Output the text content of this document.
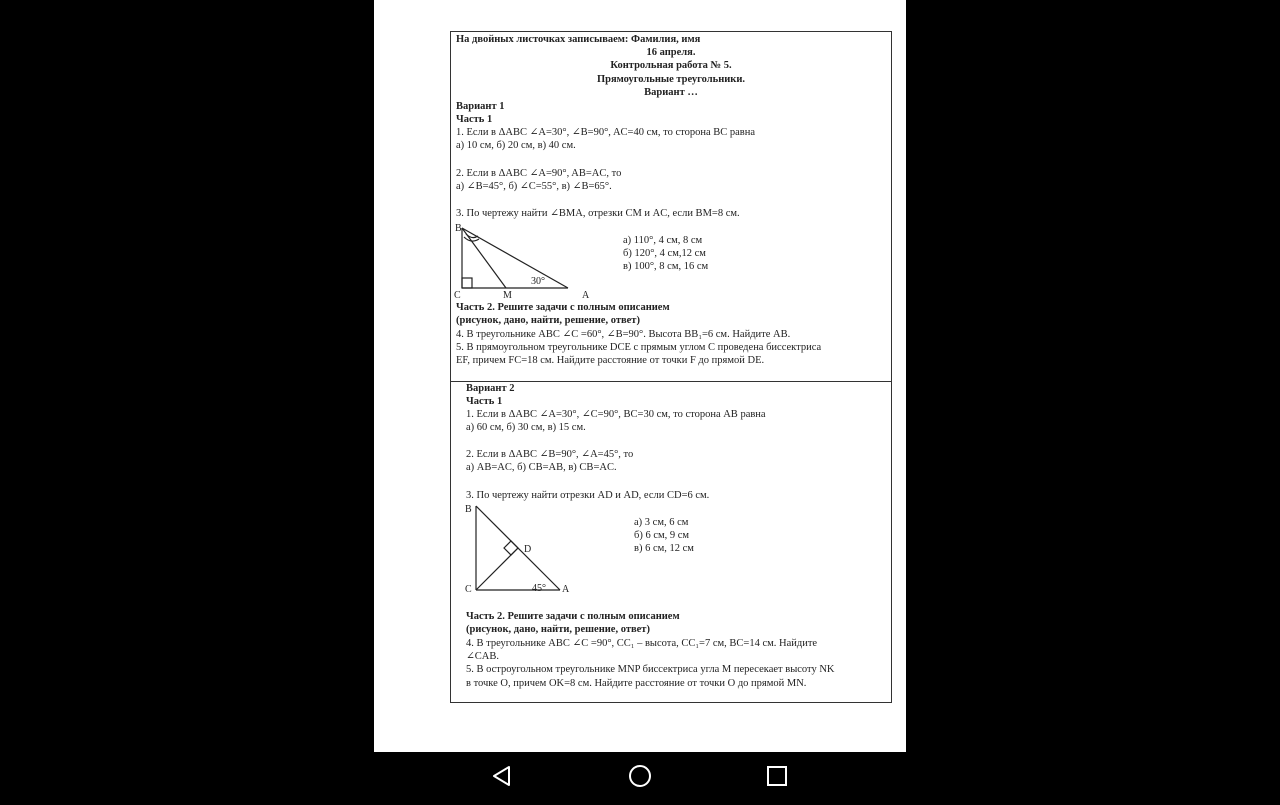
На двойных листочках записываем: Фамилия, имя
16 апреля.
Контрольная работа № 5.
Прямоугольные треугольники.
Вариант …
Вариант 1
Часть 1
1. Если в ΔABC ∠A=30°, ∠B=90°, AC=40 см, то сторона BC равна
а) 10 см, б) 20 см, в) 40 см.
2. Если в ΔABC ∠A=90°, AB=AC, то
а) ∠B=45°, б) ∠C=55°, в) ∠B=65°.
3. По чертежу найти ∠BMA, отрезки CM и AC, если BM=8 см.
B
C	M	A
30°
а) 110°, 4 см, 8 см
б) 120°, 4 см,12 см
в) 100°, 8 см, 16 см
Часть 2. Решите задачи с полным описанием
(рисунок, дано, найти, решение, ответ)
4. В треугольнике ABC ∠C =60°, ∠B=90°. Высота BB₁=6 см. Найдите AB.
5. В прямоугольном треугольнике DCE с прямым углом C проведена биссектриса
EF, причем FC=18 см. Найдите расстояние от точки F до прямой DE.
Вариант 2
Часть 1
1. Если в ΔABC ∠A=30°, ∠C=90°, BC=30 см, то сторона AB равна
а) 60 см, б) 30 см, в) 15 см.
2. Если в ΔABC ∠B=90°, ∠A=45°, то
а) AB=AC, б) CB=AB, в) CB=AC.
3. По чертежу найти отрезки AD и AD, если CD=6 см.
B
D
C	A
45°
а) 3 см, 6 см
б) 6 см, 9 см
в) 6 см, 12 см
Часть 2. Решите задачи с полным описанием
(рисунок, дано, найти, решение, ответ)
4. В треугольнике ABC ∠C =90°, CC₁ – высота, CC₁=7 см, BC=14 см. Найдите
∠CAB.
5. В остроугольном треугольнике MNP биссектриса угла M пересекает высоту NK
в точке O, причем OK=8 см. Найдите расстояние от точки O до прямой MN.
